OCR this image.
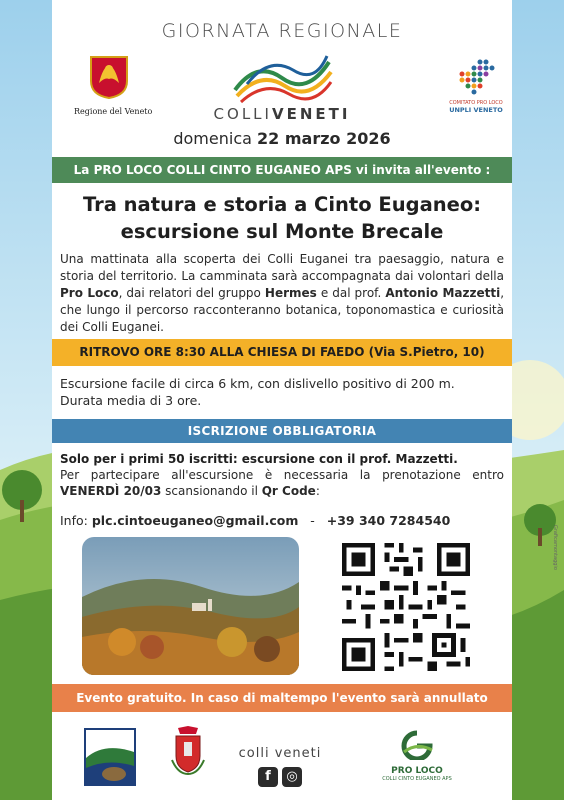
GIORNATA REGIONALE
Regione del Veneto	COLLIVENETI
COMITATO PRO LOCO
UNPLI VENETO
domenica 22 marzo 2026
La PRO LOCO COLLI CINTO EUGANEO APS vi invita all'evento :
Tra natura e storia a Cinto Euganeo:
escursione sul Monte Brecale

Una mattinata alla scoperta dei Colli Euganei tra paesaggio, natura e storia del territorio. La camminata sarà accompagnata dai volontari della Pro Loco, dai relatori del gruppo Hermes e dal prof. Antonio Mazzetti, che lungo il percorso racconteranno botanica, toponomastica e curiosità dei Colli Euganei.

RITROVO ORE 8:30 ALLA CHIESA DI FAEDO (Via S.Pietro, 10)
Escursione facile di circa 6 km, con dislivello positivo di 200 m.
Durata media di 3 ore.
ISCRIZIONE OBBLIGATORIA
Solo per i primi 50 iscritti: escursione con il prof. Mazzetti.
Per partecipare all'escursione è necessaria la prenotazione entro VENERDÌ 20/03 scansionando il Qr Code:
Info: plc.cintoeuganeo@gmail.com   -   +39 340 7284540
Evento gratuito. In caso di maltempo l'evento sarà annullato
colli veneti
f	◎	PRO LOCO
COLLI CINTO EUGANEO APS
Graficamontaggio
